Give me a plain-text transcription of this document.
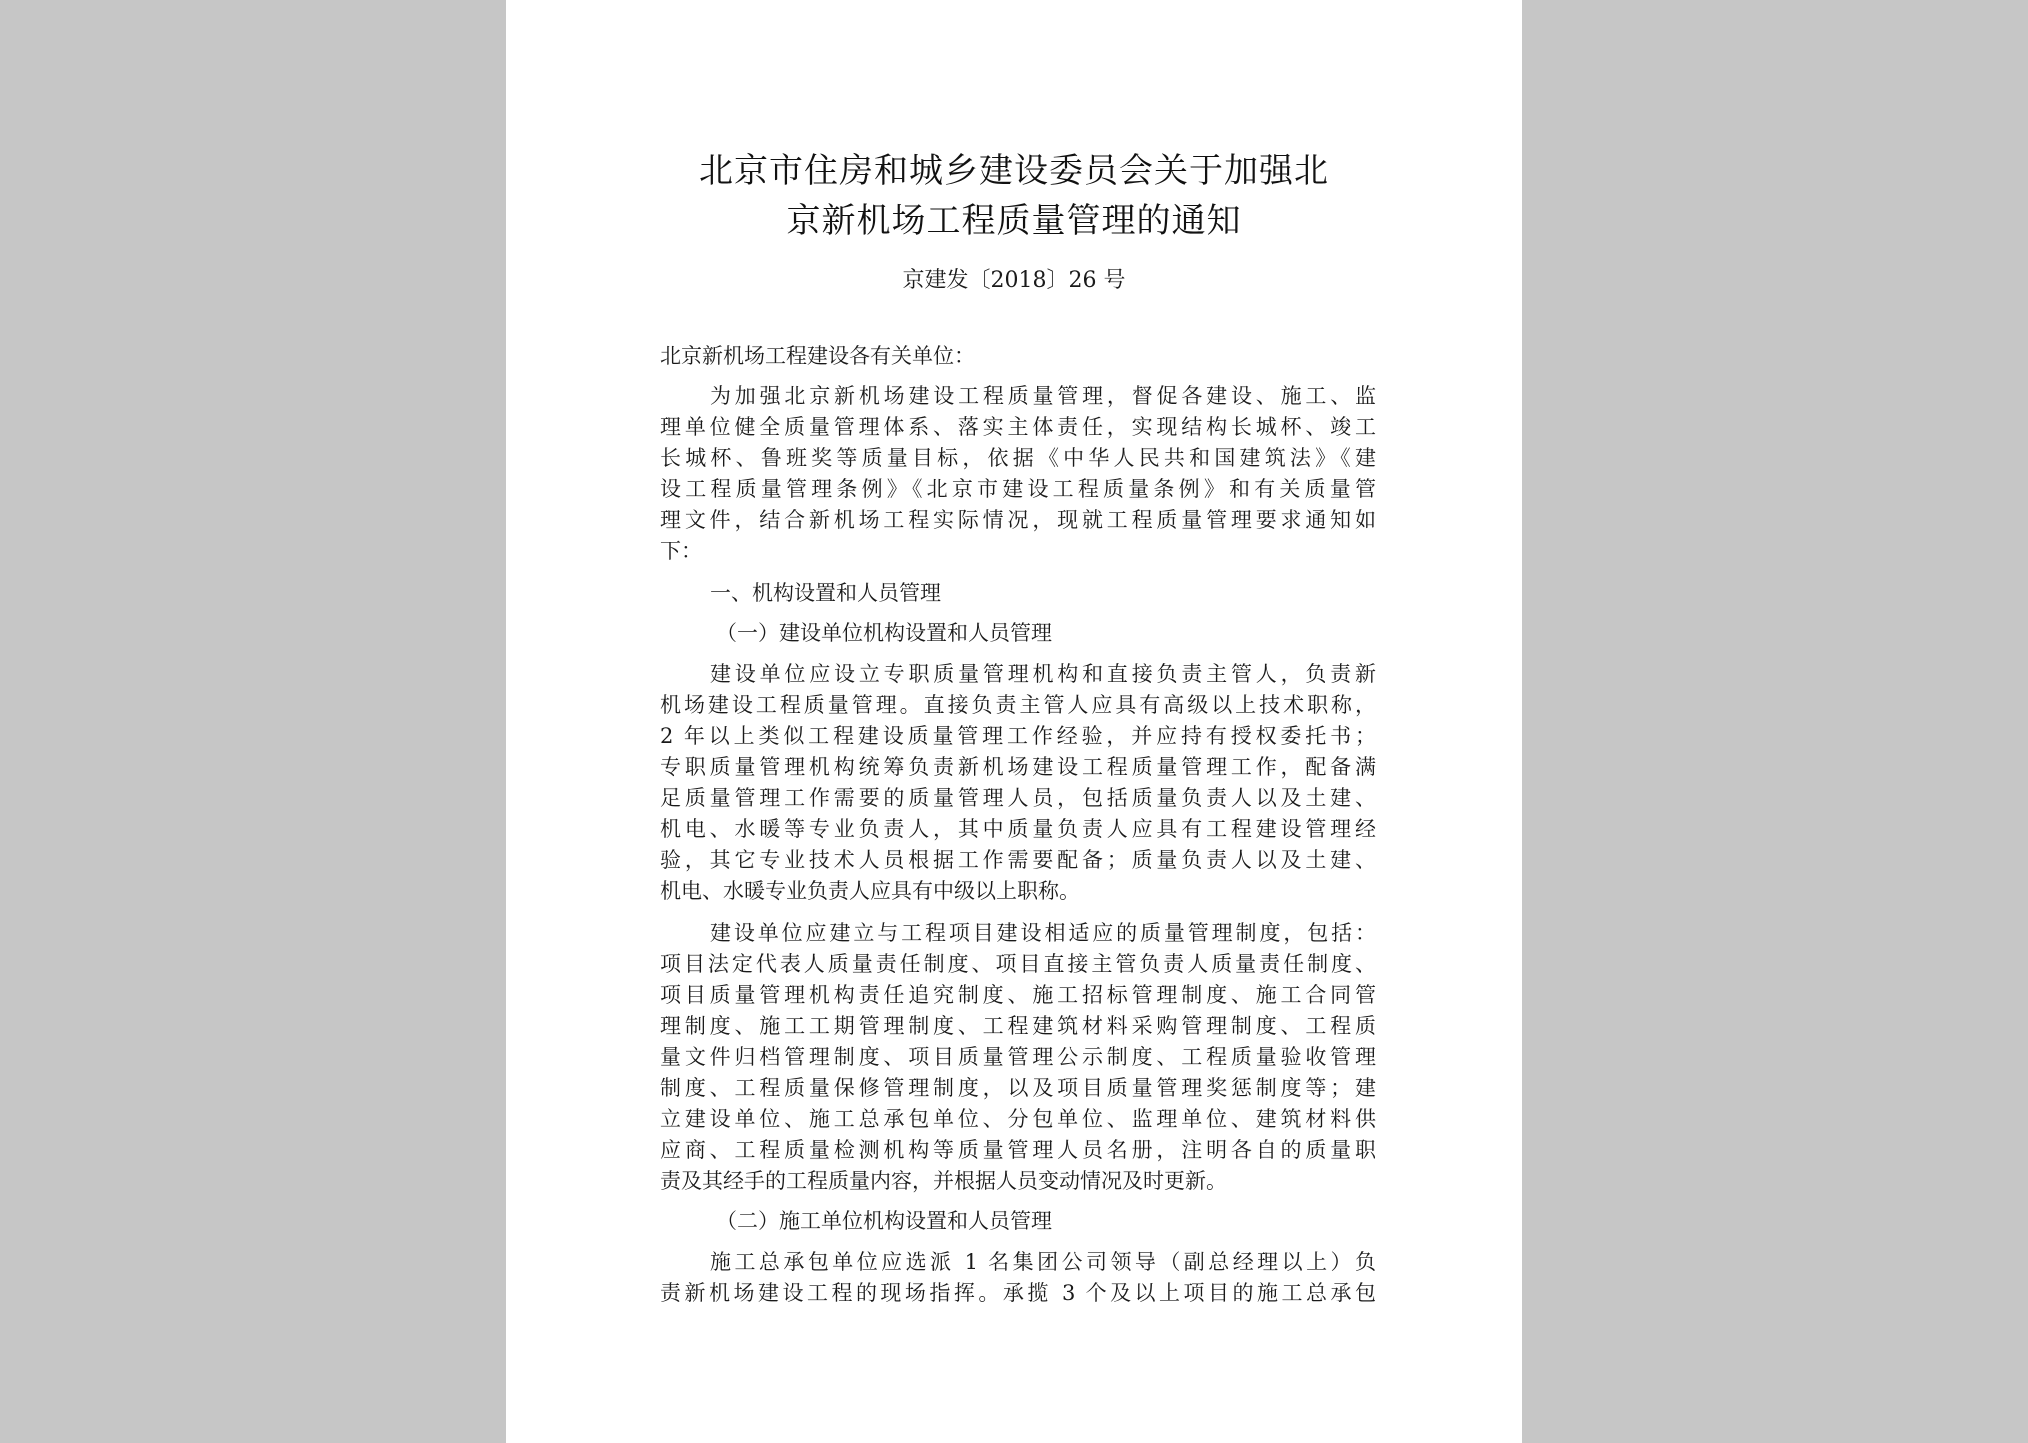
北京市住房和城乡建设委员会关于加强北
京新机场工程质量管理的通知
京建发〔2018〕26 号
北京新机场工程建设各有关单位：
为加强北京新机场建设工程质量管理，督促各建设、施工、监
理单位健全质量管理体系、落实主体责任，实现结构长城杯、竣工
长城杯、鲁班奖等质量目标，依据《中华人民共和国建筑法》《建
设工程质量管理条例》《北京市建设工程质量条例》和有关质量管
理文件，结合新机场工程实际情况，现就工程质量管理要求通知如
下：
一、机构设置和人员管理
（一）建设单位机构设置和人员管理
建设单位应设立专职质量管理机构和直接负责主管人，负责新
机场建设工程质量管理。直接负责主管人应具有高级以上技术职称，
2 年以上类似工程建设质量管理工作经验，并应持有授权委托书；
专职质量管理机构统筹负责新机场建设工程质量管理工作，配备满
足质量管理工作需要的质量管理人员，包括质量负责人以及土建、
机电、水暖等专业负责人，其中质量负责人应具有工程建设管理经
验，其它专业技术人员根据工作需要配备；质量负责人以及土建、
机电、水暖专业负责人应具有中级以上职称。
建设单位应建立与工程项目建设相适应的质量管理制度，包括：
项目法定代表人质量责任制度、项目直接主管负责人质量责任制度、
项目质量管理机构责任追究制度、施工招标管理制度、施工合同管
理制度、施工工期管理制度、工程建筑材料采购管理制度、工程质
量文件归档管理制度、项目质量管理公示制度、工程质量验收管理
制度、工程质量保修管理制度，以及项目质量管理奖惩制度等；建
立建设单位、施工总承包单位、分包单位、监理单位、建筑材料供
应商、工程质量检测机构等质量管理人员名册，注明各自的质量职
责及其经手的工程质量内容，并根据人员变动情况及时更新。
（二）施工单位机构设置和人员管理
施工总承包单位应选派 1 名集团公司领导（副总经理以上）负
责新机场建设工程的现场指挥。承揽 3 个及以上项目的施工总承包
